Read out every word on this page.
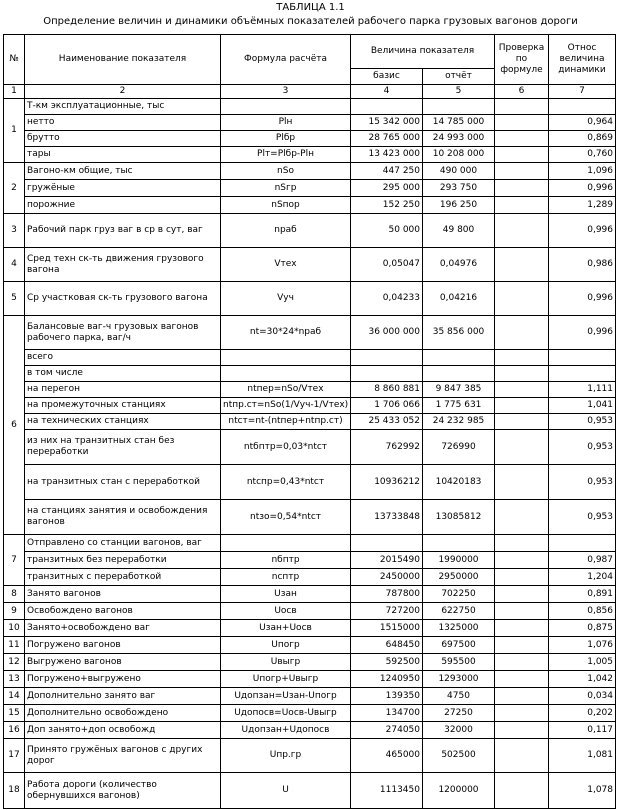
ТАБЛИЦА 1.1
Определение величин и динамики объёмных показателей рабочего парка грузовых вагонов дороги
№	Наименование показателя	Формула расчёта	Величина показателя		Проверка по формуле	Относ величина динамики

			базис	отчёт		
1	2	3	4	5	6	7
1	Т-км эксплуатационные, тыс					
	нетто	Plн	15 342 000	14 785 000		0,964
	брутто	Plбр	28 765 000	24 993 000		0,869
	тары	Plт=Plбр-Plн	13 423 000	10 208 000		0,760
2	Вагоно-км общие, тыс	nSо	447 250	490 000		1,096
	гружёные	nSгр	295 000	293 750		0,996
	порожние	nSпор	152 250	196 250		1,289
3	Рабочий парк груз ваг в ср в сут, ваг	nраб	50 000	49 800		0,996
4	Сред техн ск-ть движения грузового вагона	Vтех	0,05047	0,04976		0,986
5	Ср участковая ск-ть грузового вагона	Vуч	0,04233	0,04216		0,996
6	Балансовые ваг-ч грузовых вагонов рабочего парка, ваг/ч	nt=30*24*nраб	36 000 000	35 856 000		0,996
	всего					
	в том числе					
	на перегон	ntпер=nSо/Vтех	8 860 881	9 847 385		1,111
	на промежуточных станциях	ntпр.ст=nSо(1/Vуч-1/Vтех)	1 706 066	1 775 631		1,041
	на технических станциях	ntст=nt-(ntпер+ntпр.ст)	25 433 052	24 232 985		0,953
	из них на транзитных стан без переработки	ntбптр=0,03*ntст	762992	726990		0,953
	на транзитных стан с переработкой	ntспр=0,43*ntст	10936212	10420183		0,953
	на станциях занятия и освобождения вагонов	ntзо=0,54*ntст	13733848	13085812		0,953
7	Отправлено со станции вагонов, ваг					
	транзитных без переработки	nбптр	2015490	1990000		0,987
	транзитных с переработкой	nсптр	2450000	2950000		1,204
8	Занято вагонов	Uзан	787800	702250		0,891
9	Освобождено вагонов	Uосв	727200	622750		0,856
10	Занято+освобождено ваг	Uзан+Uосв	1515000	1325000		0,875
11	Погружено вагонов	Uпогр	648450	697500		1,076
12	Выгружено вагонов	Uвыгр	592500	595500		1,005
13	Погружено+выгружено	Uпогр+Uвыгр	1240950	1293000		1,042
14	Дополнительно занято ваг	Uдопзан=Uзан-Uпогр	139350	4750		0,034
15	Дополнительно освобождено	Uдопосв=Uосв-Uвыгр	134700	27250		0,202
16	Доп занято+доп освобожд	Uдопзан+Uдопосв	274050	32000		0,117
17	Принято гружёных вагонов с других дорог	Uпр.гр	465000	502500		1,081
18	Работа дороги (количество обернувшихся вагонов)	U	1113450	1200000		1,078
